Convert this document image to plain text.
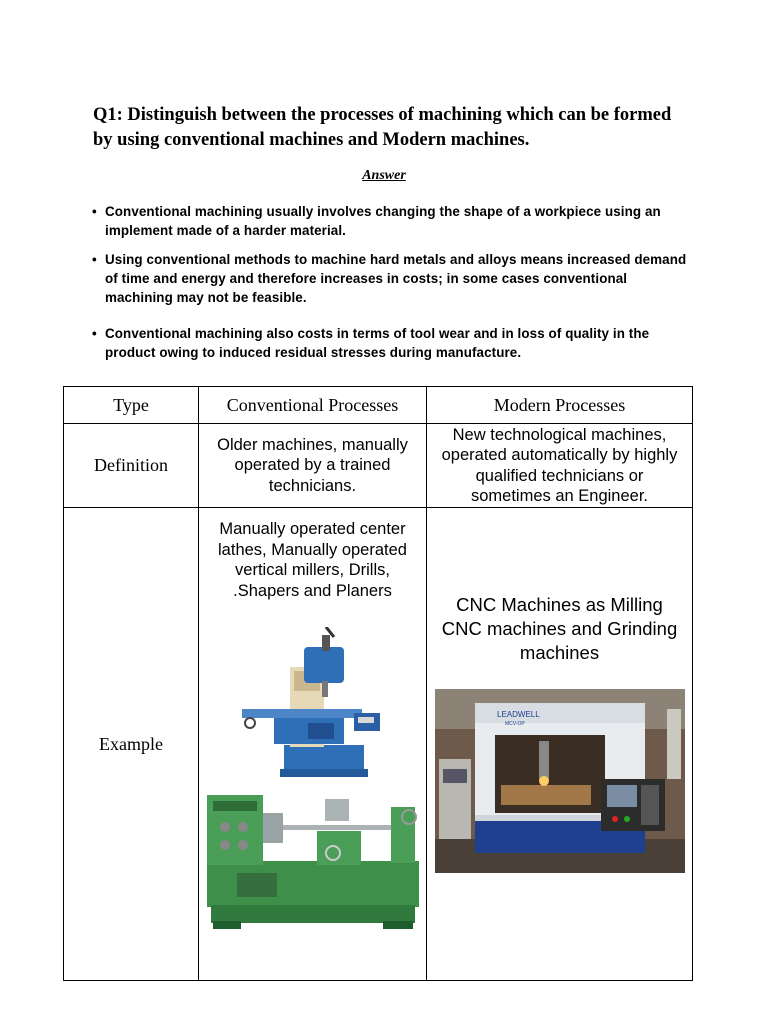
Q1: Distinguish between the processes of machining which can be formed by using conventional machines and Modern machines.
Answer
• Conventional machining usually involves changing the shape of a workpiece using an implement made of a harder material.
• Using conventional methods to machine hard metals and alloys means increased demand of time and energy and therefore increases in costs; in some cases conventional machining may not be feasible.
• Conventional machining also costs in terms of tool wear and in loss of quality in the product owing to induced residual stresses during manufacture.
Type	Conventional Processes	Modern Processes
Definition	Older machines, manually operated by a trained technicians.	New technological machines, operated automatically by highly qualified technicians or sometimes an Engineer.

Example	Manually operated center lathes, Manually operated vertical millers, Drills, .Shapers and Planers	CNC Machines as Milling CNC machines and Grinding machines
LEADWELL
MCV-OP
